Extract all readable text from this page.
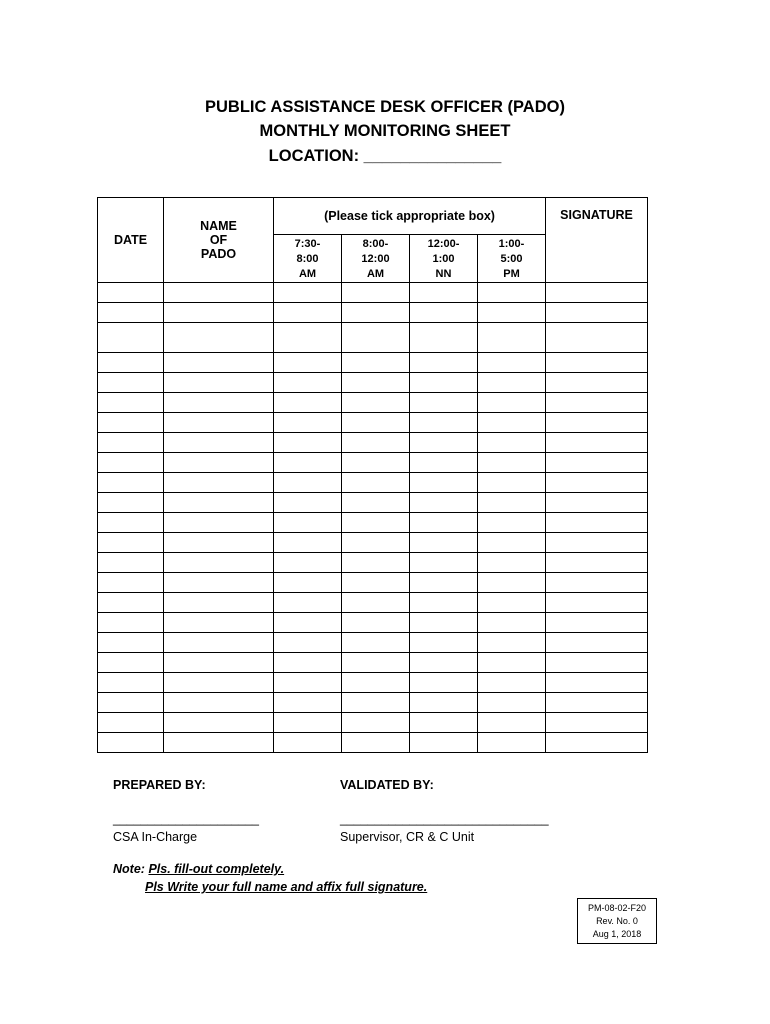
PUBLIC ASSISTANCE DESK OFFICER (PADO)
MONTHLY MONITORING SHEET
LOCATION: _______________
DATE	NAME OF PADO	(Please tick appropriate box)				SIGNATURE
		7:30-
8:00
AM	8:00-
12:00
AM	12:00-
1:00
NN	1:00-
5:00
PM	

PREPARED BY:	VALIDATED BY:
_____________________	______________________________
CSA In-Charge	Supervisor, CR & C Unit
Note: Pls. fill-out completely.
Pls Write your full name and affix full signature.
PM-08-02-F20
Rev. No. 0
Aug 1, 2018
